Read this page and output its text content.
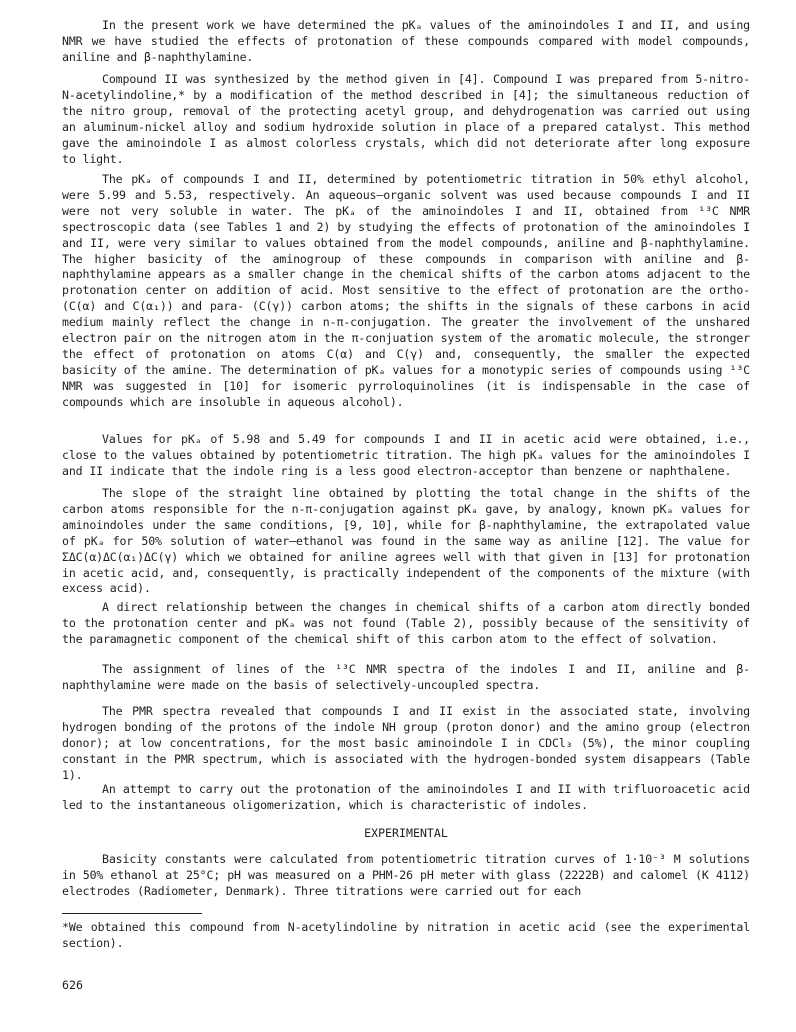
In the present work we have determined the pKₐ values of the aminoindoles I and II, and using NMR we have studied the effects of protonation of these compounds compared with model compounds, aniline and β-naphthylamine.

Compound II was synthesized by the method given in [4]. Compound I was prepared from 5-nitro-N-acetylindoline,* by a modification of the method described in [4]; the simultaneous reduction of the nitro group, removal of the protecting acetyl group, and dehydrogenation was carried out using an aluminum-nickel alloy and sodium hydroxide solution in place of a prepared catalyst. This method gave the aminoindole I as almost colorless crystals, which did not deteriorate after long exposure to light.

The pKₐ of compounds I and II, determined by potentiometric titration in 50% ethyl alcohol, were 5.99 and 5.53, respectively. An aqueous—organic solvent was used because compounds I and II were not very soluble in water. The pKₐ of the aminoindoles I and II, obtained from ¹³C NMR spectroscopic data (see Tables 1 and 2) by studying the effects of protonation of the aminoindoles I and II, were very similar to values obtained from the model compounds, aniline and β-naphthylamine. The higher basicity of the aminogroup of these compounds in comparison with aniline and β-naphthylamine appears as a smaller change in the chemical shifts of the carbon atoms adjacent to the protonation center on addition of acid. Most sensitive to the effect of protonation are the ortho- (C(α) and C(α₁)) and para- (C(γ)) carbon atoms; the shifts in the signals of these carbons in acid medium mainly reflect the change in n-π-conjugation. The greater the involvement of the unshared electron pair on the nitrogen atom in the π-conjuation system of the aromatic molecule, the stronger the effect of protonation on atoms C(α) and C(γ) and, consequently, the smaller the expected basicity of the amine. The determination of pKₐ values for a monotypic series of compounds using ¹³C NMR was suggested in [10] for isomeric pyrroloquinolines (it is indispensable in the case of compounds which are insoluble in aqueous alcohol).

Values for pKₐ of 5.98 and 5.49 for compounds I and II in acetic acid were obtained, i.e., close to the values obtained by potentiometric titration. The high pKₐ values for the aminoindoles I and II indicate that the indole ring is a less good electron-acceptor than benzene or naphthalene.

The slope of the straight line obtained by plotting the total change in the shifts of the carbon atoms responsible for the n-π-conjugation against pKₐ gave, by analogy, known pKₐ values for aminoindoles under the same conditions, [9, 10], while for β-naphthylamine, the extrapolated value of pKₐ for 50% solution of water—ethanol was found in the same way as aniline [12]. The value for ΣΔC(α)ΔC(α₁)ΔC(γ) which we obtained for aniline agrees well with that given in [13] for protonation in acetic acid, and, consequently, is practically independent of the components of the mixture (with excess acid).

A direct relationship between the changes in chemical shifts of a carbon atom directly bonded to the protonation center and pKₐ was not found (Table 2), possibly because of the sensitivity of the paramagnetic component of the chemical shift of this carbon atom to the effect of solvation.

The assignment of lines of the ¹³C NMR spectra of the indoles I and II, aniline and β-naphthylamine were made on the basis of selectively-uncoupled spectra.

The PMR spectra revealed that compounds I and II exist in the associated state, involving hydrogen bonding of the protons of the indole NH group (proton donor) and the amino group (electron donor); at low concentrations, for the most basic aminoindole I in CDCl₃ (5%), the minor coupling constant in the PMR spectrum, which is associated with the hydrogen-bonded system disappears (Table 1).

An attempt to carry out the protonation of the aminoindoles I and II with trifluoroacetic acid led to the instantaneous oligomerization, which is characteristic of indoles.

EXPERIMENTAL

Basicity constants were calculated from potentiometric titration curves of 1·10⁻³ M solutions in 50% ethanol at 25°C; pH was measured on a PHM-26 pH meter with glass (2222B) and calomel (K 4112) electrodes (Radiometer, Denmark). Three titrations were carried out for each

*We obtained this compound from N-acetylindoline by nitration in acetic acid (see the experimental section).

626
